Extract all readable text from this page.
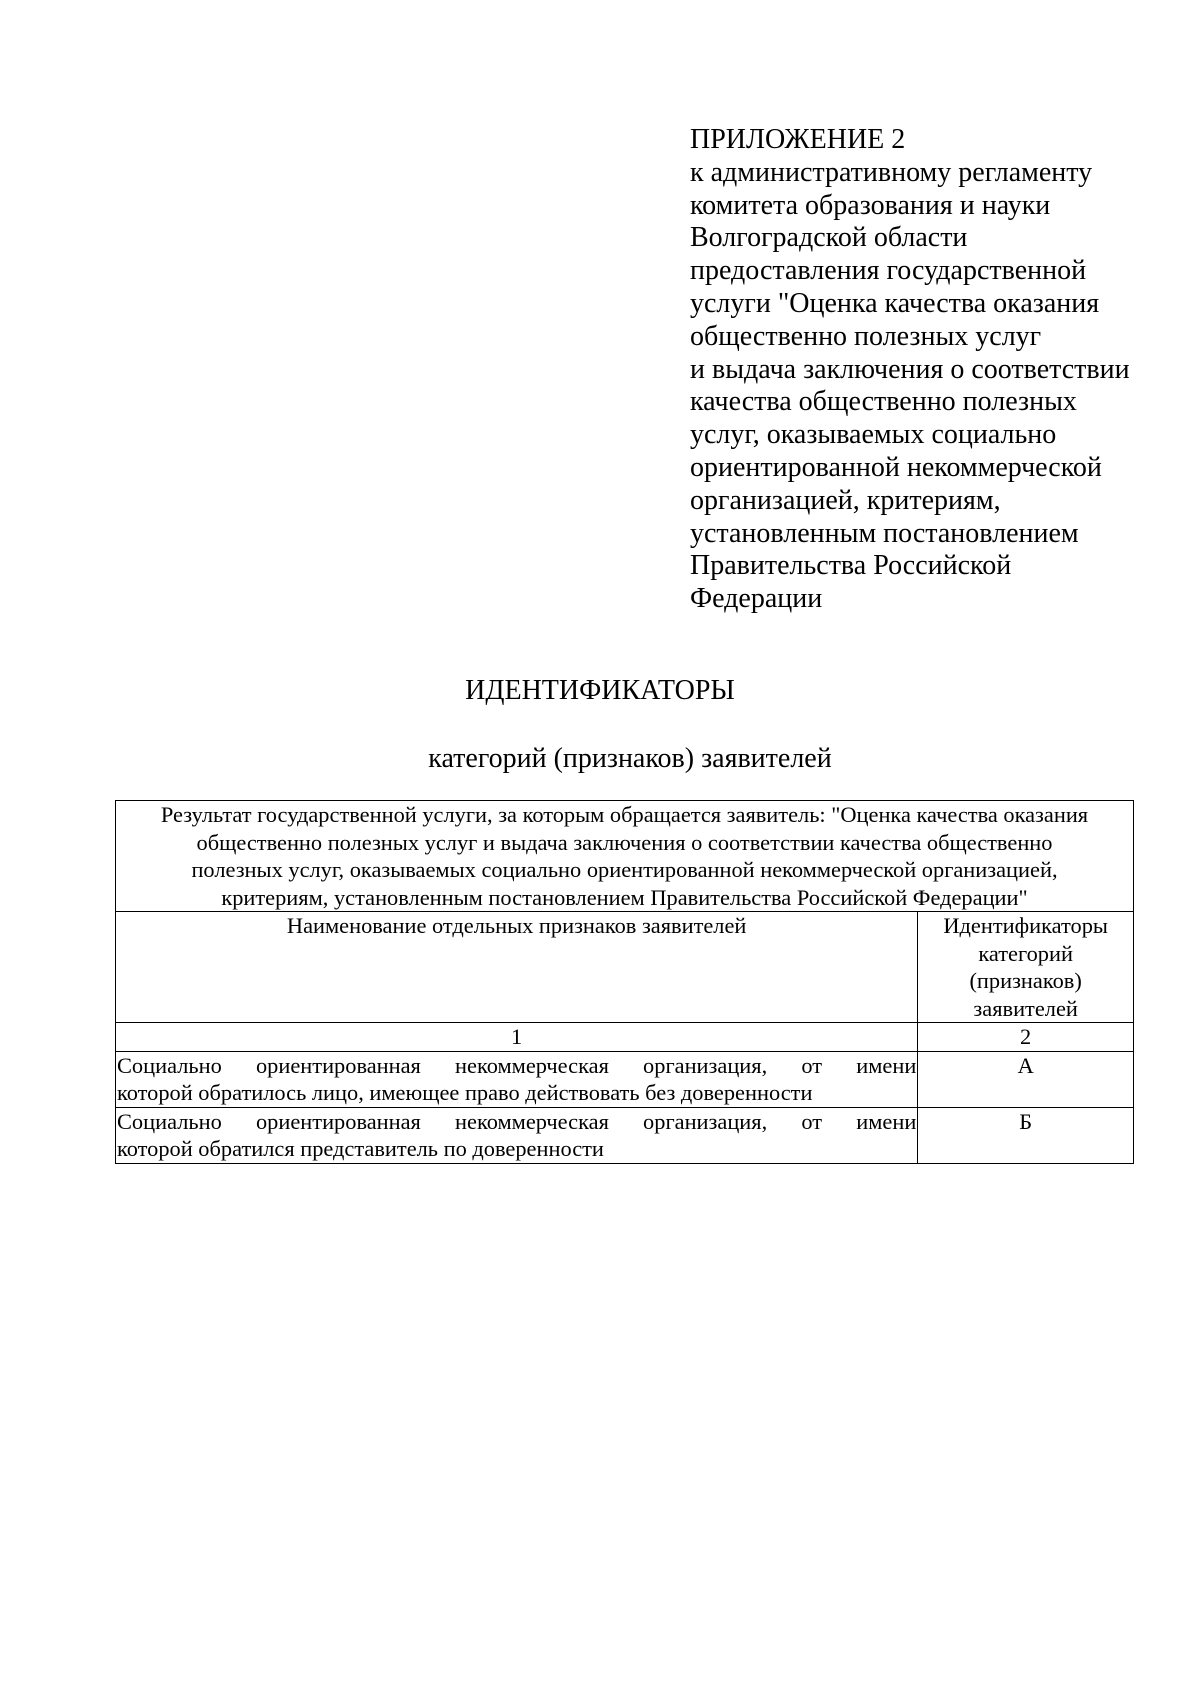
ПРИЛОЖЕНИЕ 2
к административному регламенту
комитета образования и науки
Волгоградской области
предоставления государственной
услуги "Оценка качества оказания
общественно полезных услуг
и выдача заключения о соответствии
качества общественно полезных
услуг, оказываемых социально
ориентированной некоммерческой
организацией, критериям,
установленным постановлением
Правительства Российской
Федерации
ИДЕНТИФИКАТОРЫ
категорий (признаков) заявителей
Результат государственной услуги, за которым обращается заявитель: "Оценка качества оказания
общественно полезных услуг и выдача заключения о соответствии качества общественно
полезных услуг, оказываемых социально ориентированной некоммерческой организацией,
критериям, установленным постановлением Правительства Российской Федерации"	

Наименование отдельных признаков заявителей	Идентификаторы
категорий
(признаков)
заявителей

1	2

Социально ориентированная некоммерческая организация, от имени
которой обратилось лицо, имеющее право действовать без доверенности	А

Социально ориентированная некоммерческая организация, от имени
которой обратился представитель по доверенности	Б
